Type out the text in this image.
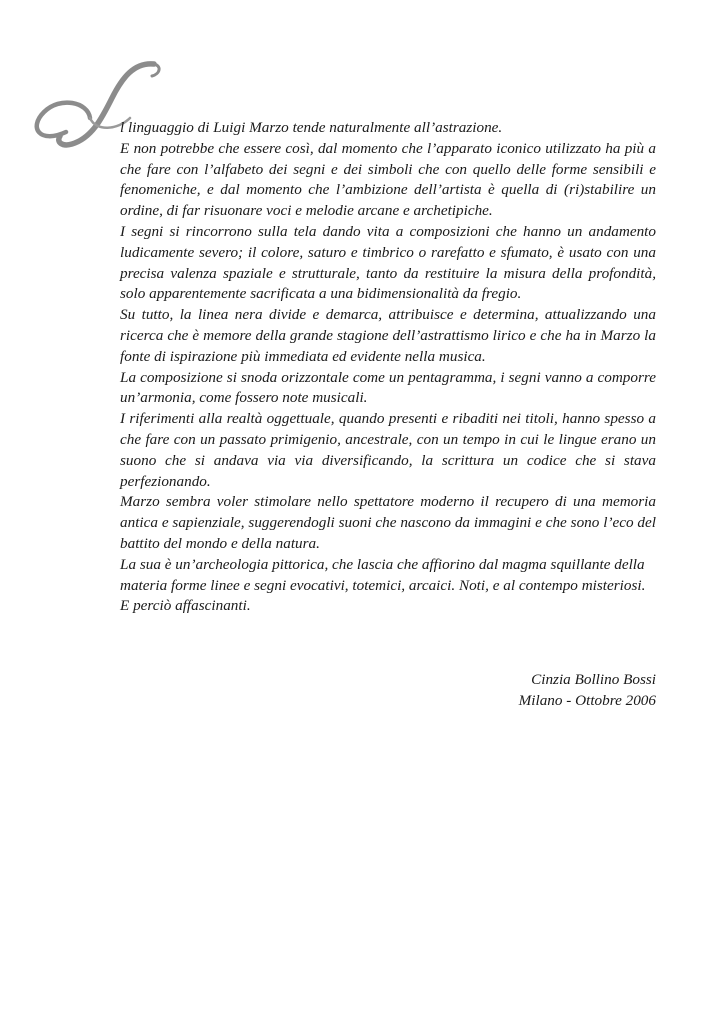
l linguaggio di Luigi Marzo tende naturalmente all’astrazione.

E non potrebbe che essere così, dal momento che l’apparato iconico utilizzato ha più a che fare con l’alfabeto dei segni e dei simboli che con quello delle forme sensibili e fenomeniche, e dal momento che l’ambizione dell’artista è quella di (ri)stabilire un ordine, di far risuonare voci e melodie arcane e archetipiche.

I segni si rincorrono sulla tela dando vita a composizioni che hanno un andamento ludicamente severo; il colore, saturo e timbrico o rarefatto e sfumato, è usato con una precisa valenza spaziale e strutturale, tanto da restituire la misura della profondità, solo apparentemente sacrificata a una bidimensionalità da fregio.

Su tutto, la linea nera divide e demarca, attribuisce e determina, attualizzando una ricerca che è memore della grande stagione dell’astrattismo lirico e che ha in Marzo la fonte di ispirazione più immediata ed evidente nella musica.

La composizione si snoda orizzontale come un pentagramma, i segni vanno a comporre un’armonia, come fossero note musicali.

I riferimenti alla realtà oggettuale, quando presenti e ribaditi nei titoli, hanno spesso a che fare con un passato primigenio, ancestrale, con un tempo in cui le lingue erano un suono che si andava via via diversificando, la scrittura un codice che si stava perfezionando.

Marzo sembra voler stimolare nello spettatore moderno il recupero di una memoria antica e sapienziale, suggerendogli suoni che nascono da immagini e che sono l’eco del battito del mondo e della natura.

La sua è un’archeologia pittorica, che lascia che affiorino dal magma squillante della materia forme linee e segni evocativi, totemici, arcaici. Noti, e al contempo misteriosi. E perciò affascinanti.

Cinzia Bollino Bossi
Milano - Ottobre 2006
